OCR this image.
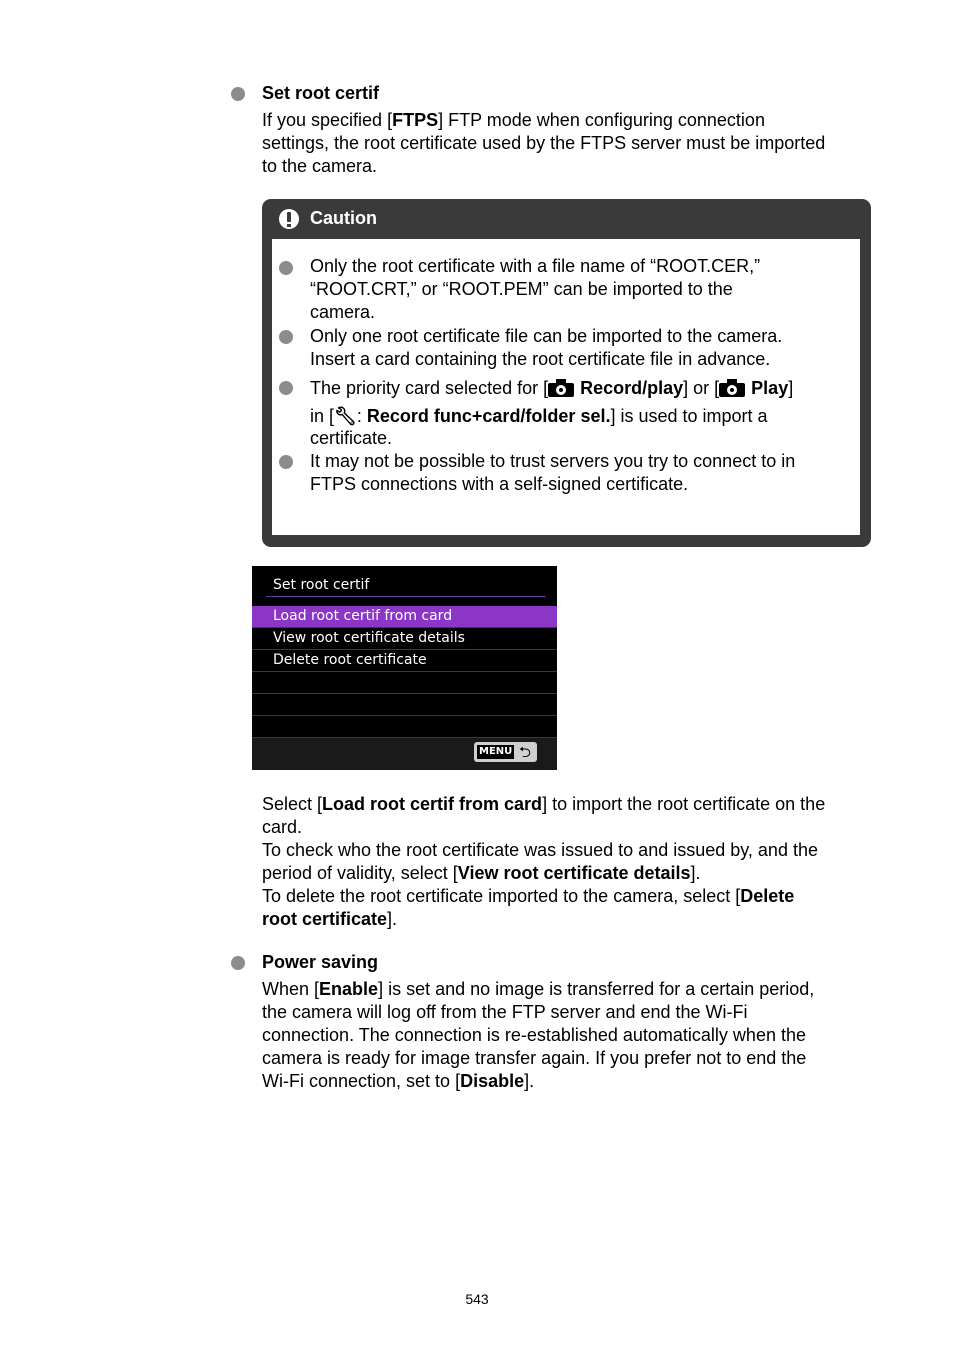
Set root certif
If you specified [FTPS] FTP mode when configuring connection
settings, the root certificate used by the FTPS server must be imported
to the camera.
Caution
Only the root certificate with a file name of “ROOT.CER,”
“ROOT.CRT,” or “ROOT.PEM” can be imported to the
camera.
Only one root certificate file can be imported to the camera.
Insert a card containing the root certificate file in advance.
The priority card selected for [ Record/play] or [ Play]
in [🔧︎: Record func+card/folder sel.] is used to import a
certificate.
It may not be possible to trust servers you try to connect to in
FTPS connections with a self-signed certificate.
Set root certif
Load root certif from card
View root certificate details
Delete root certificate
MENU ⮌
Select [Load root certif from card] to import the root certificate on the
card.
To check who the root certificate was issued to and issued by, and the
period of validity, select [View root certificate details].
To delete the root certificate imported to the camera, select [Delete
root certificate].
Power saving
When [Enable] is set and no image is transferred for a certain period,
the camera will log off from the FTP server and end the Wi-Fi
connection. The connection is re-established automatically when the
camera is ready for image transfer again. If you prefer not to end the
Wi-Fi connection, set to [Disable].
543
